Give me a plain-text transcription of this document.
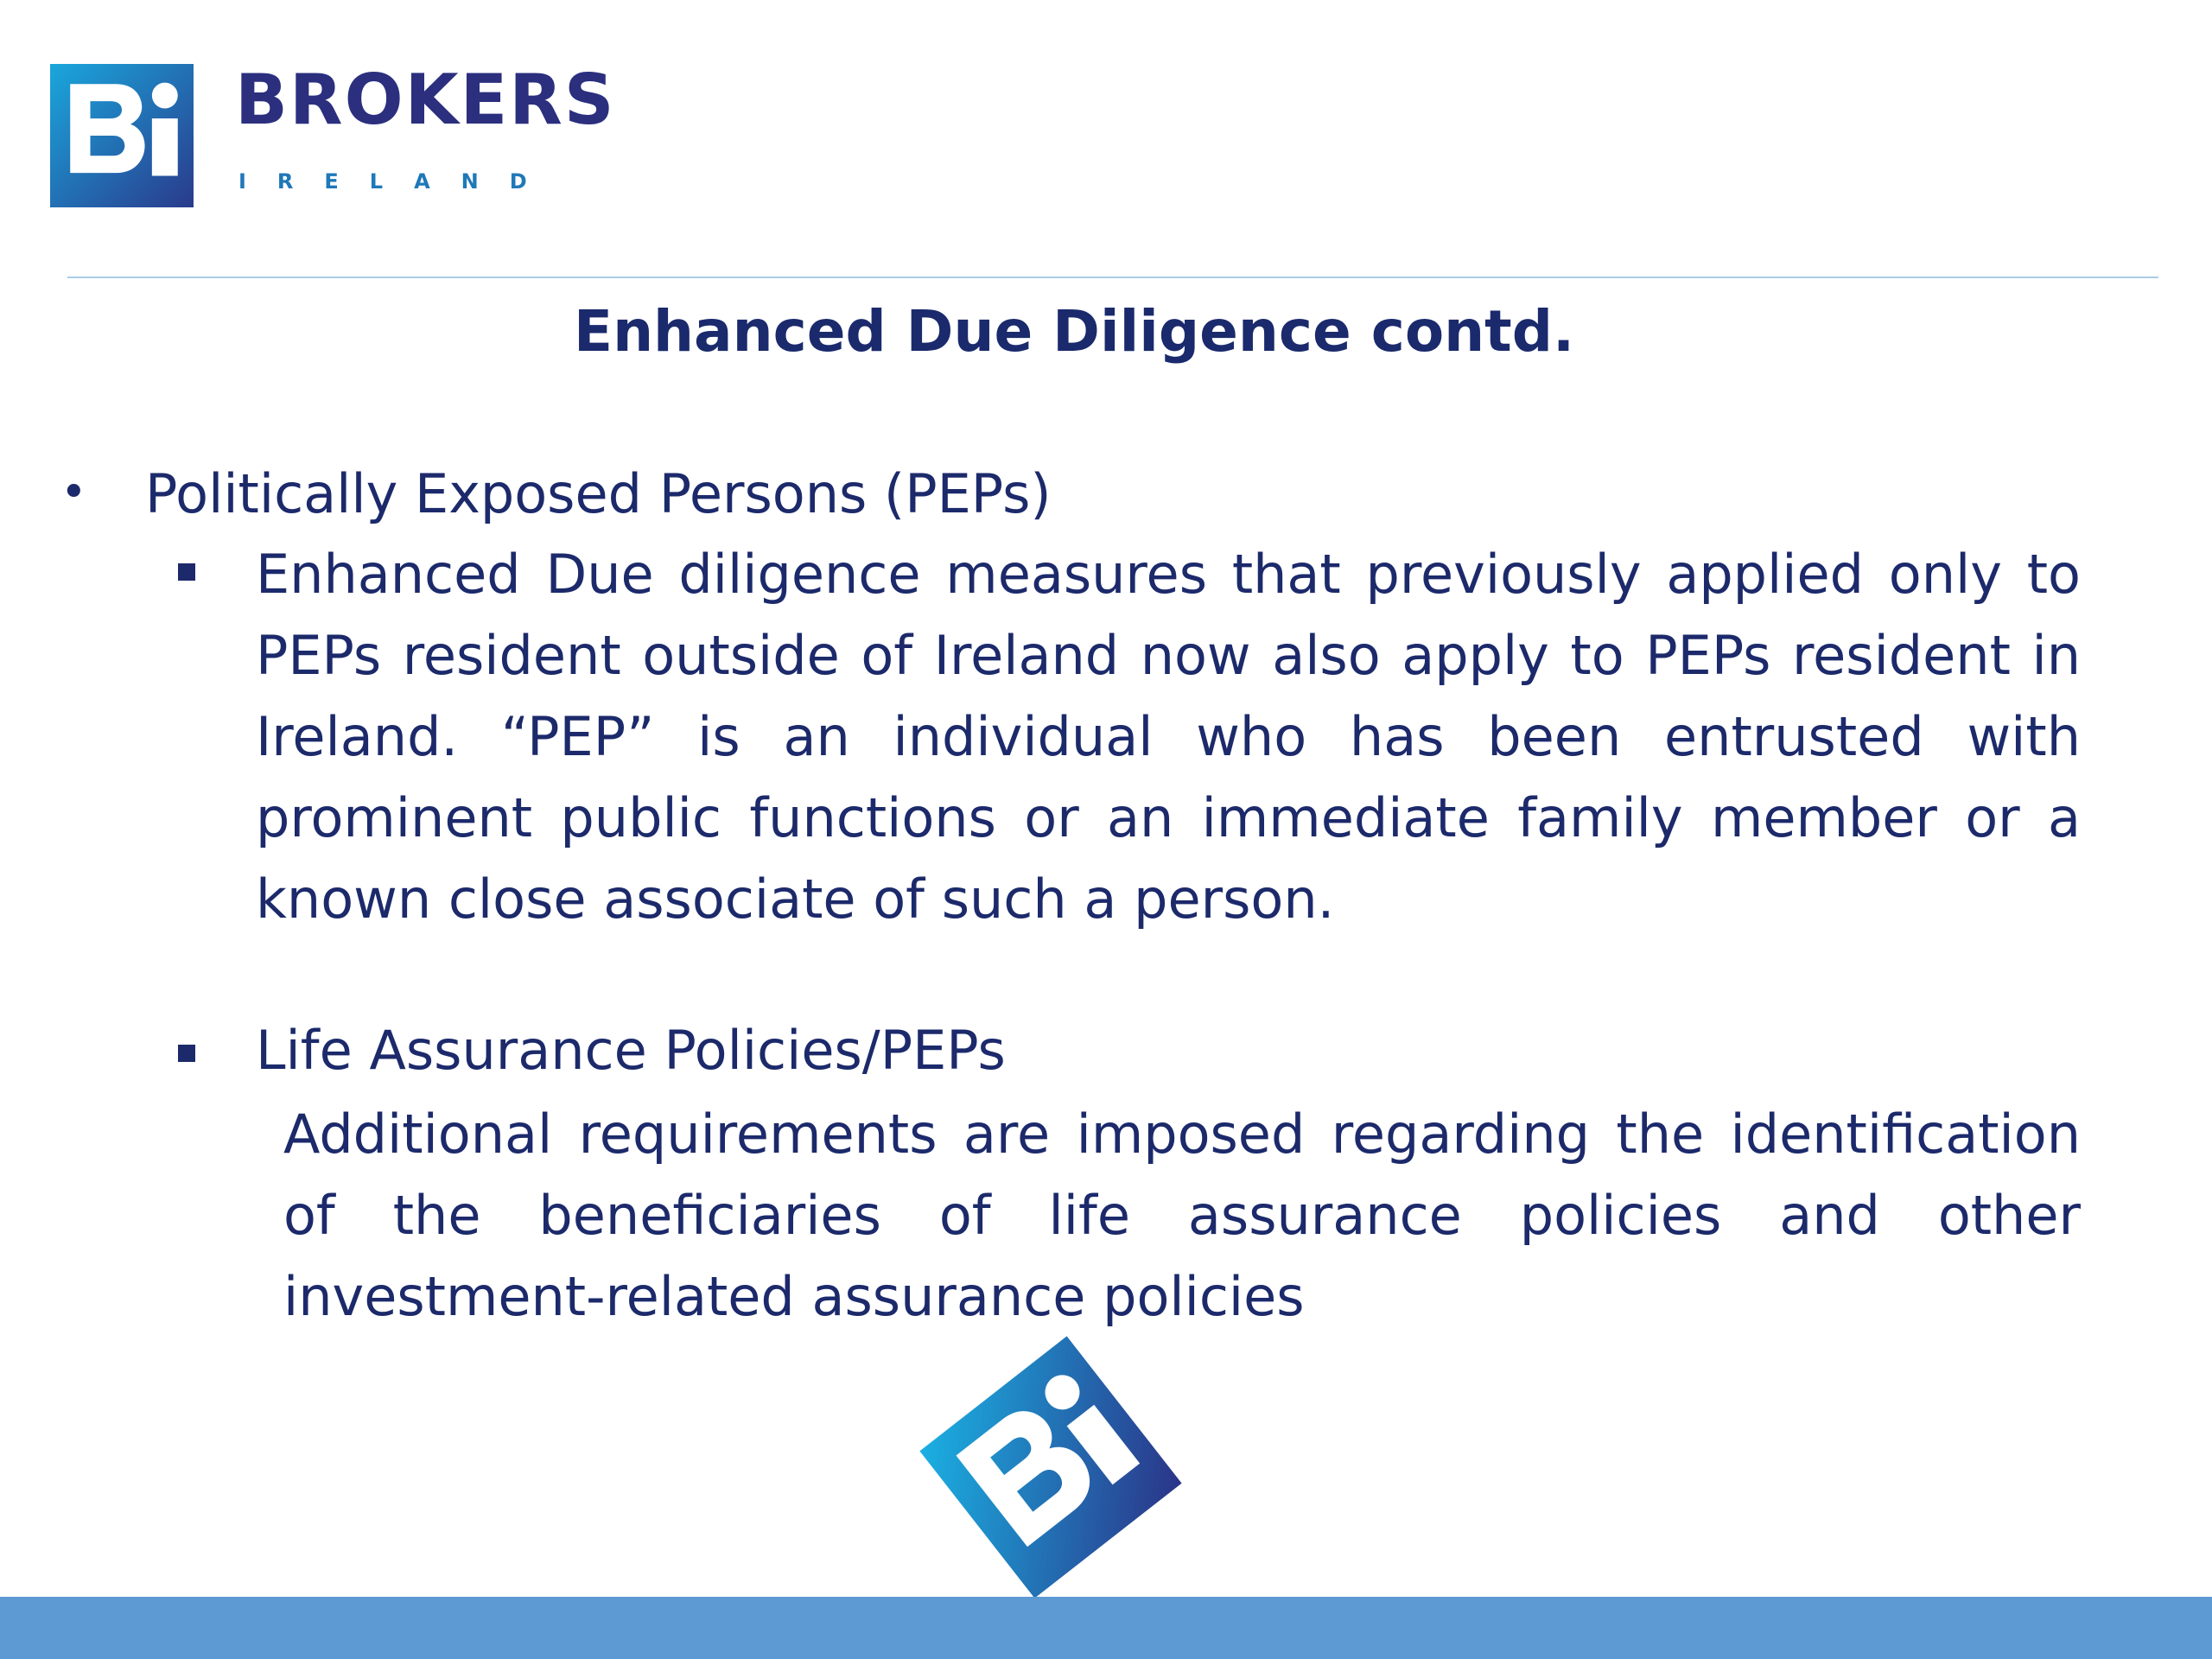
BROKERS
IRELAND
Enhanced Due Diligence contd.
• Politically Exposed Persons (PEPs)
Enhanced Due diligence measures that previously applied only to PEPs resident outside of Ireland now also apply to PEPs resident in Ireland. “PEP” is an individual who has been entrusted with prominent public functions or an immediate family member or a known close associate of such a person.
Life Assurance Policies/PEPs
Additional requirements are imposed regarding the identification of the beneficiaries of life assurance policies and other investment-related assurance policies
